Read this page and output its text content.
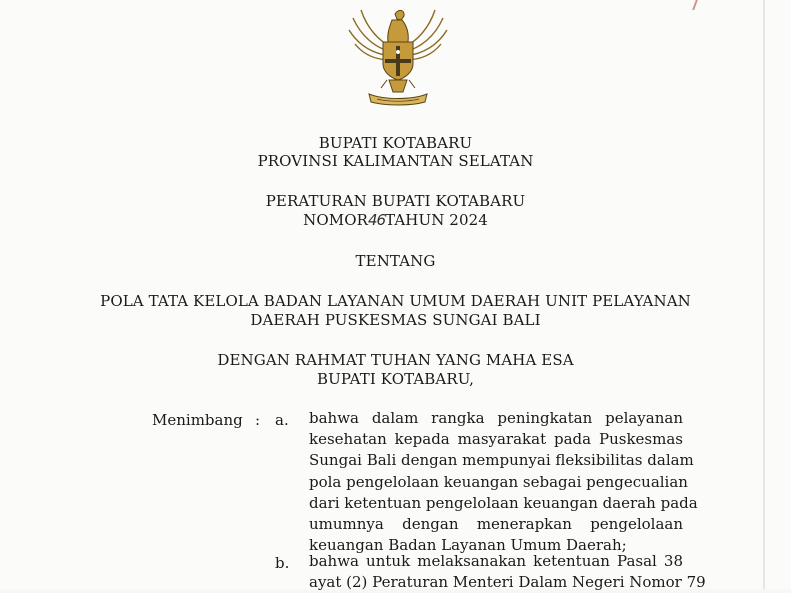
BUPATI KOTABARU
PROVINSI KALIMANTAN SELATAN
PERATURAN BUPATI KOTABARU
NOMOR46TAHUN 2024
TENTANG
POLA TATA KELOLA BADAN LAYANAN UMUM DAERAH UNIT PELAYANAN
DAERAH PUSKESMAS SUNGAI BALI
DENGAN RAHMAT TUHAN YANG MAHA ESA
BUPATI KOTABARU,
Menimbang : a. bahwa dalam rangka peningkatan pelayanan
kesehatan kepada masyarakat pada Puskesmas
Sungai Bali dengan mempunyai fleksibilitas dalam
pola pengelolaan keuangan sebagai pengecualian
dari ketentuan pengelolaan keuangan daerah pada
umumnya dengan menerapkan pengelolaan
keuangan Badan Layanan Umum Daerah;
b. bahwa untuk melaksanakan ketentuan Pasal 38
ayat (2) Peraturan Menteri Dalam Negeri Nomor 79
